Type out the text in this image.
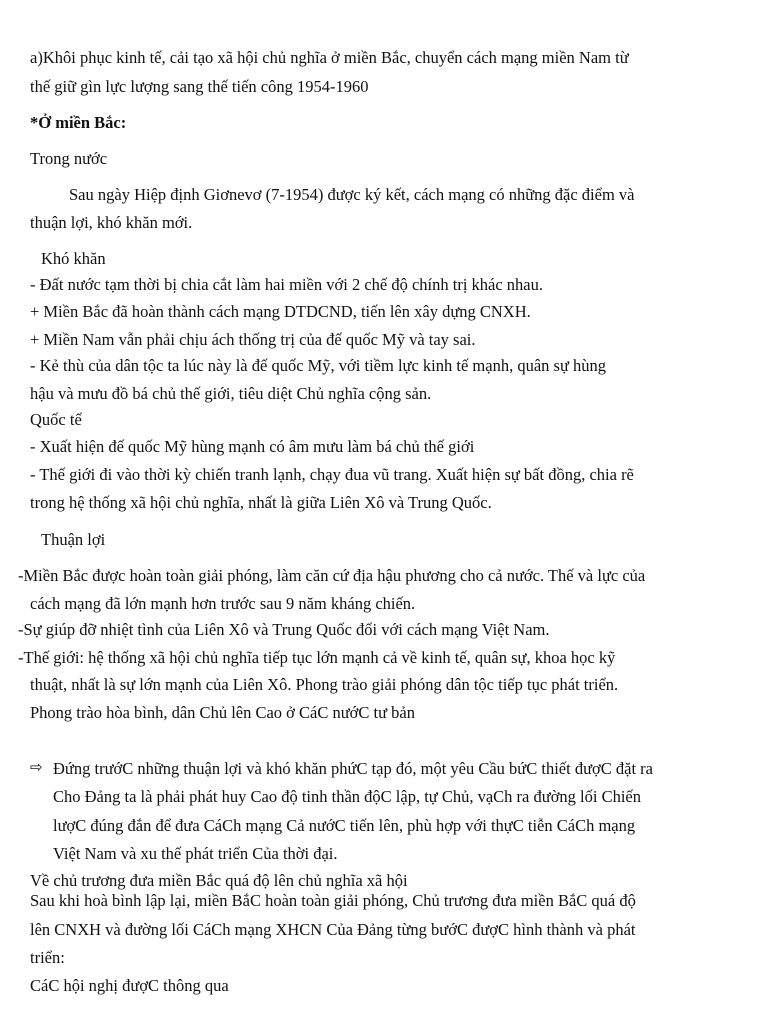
a)Khôi phục kinh tế, cải tạo xã hội chủ nghĩa ở miền Bắc, chuyển cách mạng miền Nam từ
thế giữ gìn lực lượng sang thế tiến công 1954-1960
*Ở miền Bắc:
Trong nước
Sau ngày Hiệp định Giơnevơ (7-1954) được ký kết, cách mạng có những đặc điểm và
thuận lợi, khó khăn mới.
Khó khăn
- Đất nước tạm thời bị chia cắt làm hai miền với 2 chế độ chính trị khác nhau.
+ Miền Bắc đã hoàn thành cách mạng DTDCND, tiến lên xây dựng CNXH.
+ Miền Nam vẫn phải chịu ách thống trị của đế quốc Mỹ và tay sai.
- Kẻ thù của dân tộc ta lúc này là đế quốc Mỹ, với tiềm lực kinh tế mạnh, quân sự hùng
hậu và mưu đồ bá chủ thế giới, tiêu diệt Chủ nghĩa cộng sản.
Quốc tế
- Xuất hiện đế quốc Mỹ hùng mạnh có âm mưu làm bá chủ thế giới
- Thế giới đi vào thời kỳ chiến tranh lạnh, chạy đua vũ trang. Xuất hiện sự bất đồng, chia rẽ
trong hệ thống xã hội chủ nghĩa, nhất là giữa Liên Xô và Trung Quốc.
Thuận lợi
-Miền Bắc được hoàn toàn giải phóng, làm căn cứ địa hậu phương cho cả nước. Thế và lực của
cách mạng đã lớn mạnh hơn trước sau 9 năm kháng chiến.
-Sự giúp đỡ nhiệt tình của Liên Xô và Trung Quốc đối với cách mạng Việt Nam.
-Thế giới: hệ thống xã hội chủ nghĩa tiếp tục lớn mạnh cả về kinh tế, quân sự, khoa học kỹ
thuật, nhất là sự lớn mạnh của Liên Xô. Phong trào giải phóng dân tộc tiếp tục phát triển.
Phong trào hòa bình, dân Chủ lên Cao ở CáC nướC tư bản
⇨ Đứng trướC những thuận lợi và khó khăn phứC tạp đó, một yêu Cầu bứC thiết đượC đặt ra
Cho Đảng ta là phải phát huy Cao độ tinh thần độC lập, tự Chủ, vạCh ra đường lối Chiến
lượC đúng đắn để đưa CáCh mạng Cả nướC tiến lên, phù hợp với thựC tiễn CáCh mạng
Việt Nam và xu thế phát triển Của thời đại.
Về chủ trương đưa miền Bắc quá độ lên chủ nghĩa xã hội
Sau khi hoà bình lập lại, miền BắC hoàn toàn giải phóng, Chủ trương đưa miền BắC quá độ
lên CNXH và đường lối CáCh mạng XHCN Của Đảng từng bướC đượC hình thành và phát
triển:
CáC hội nghị đượC thông qua
